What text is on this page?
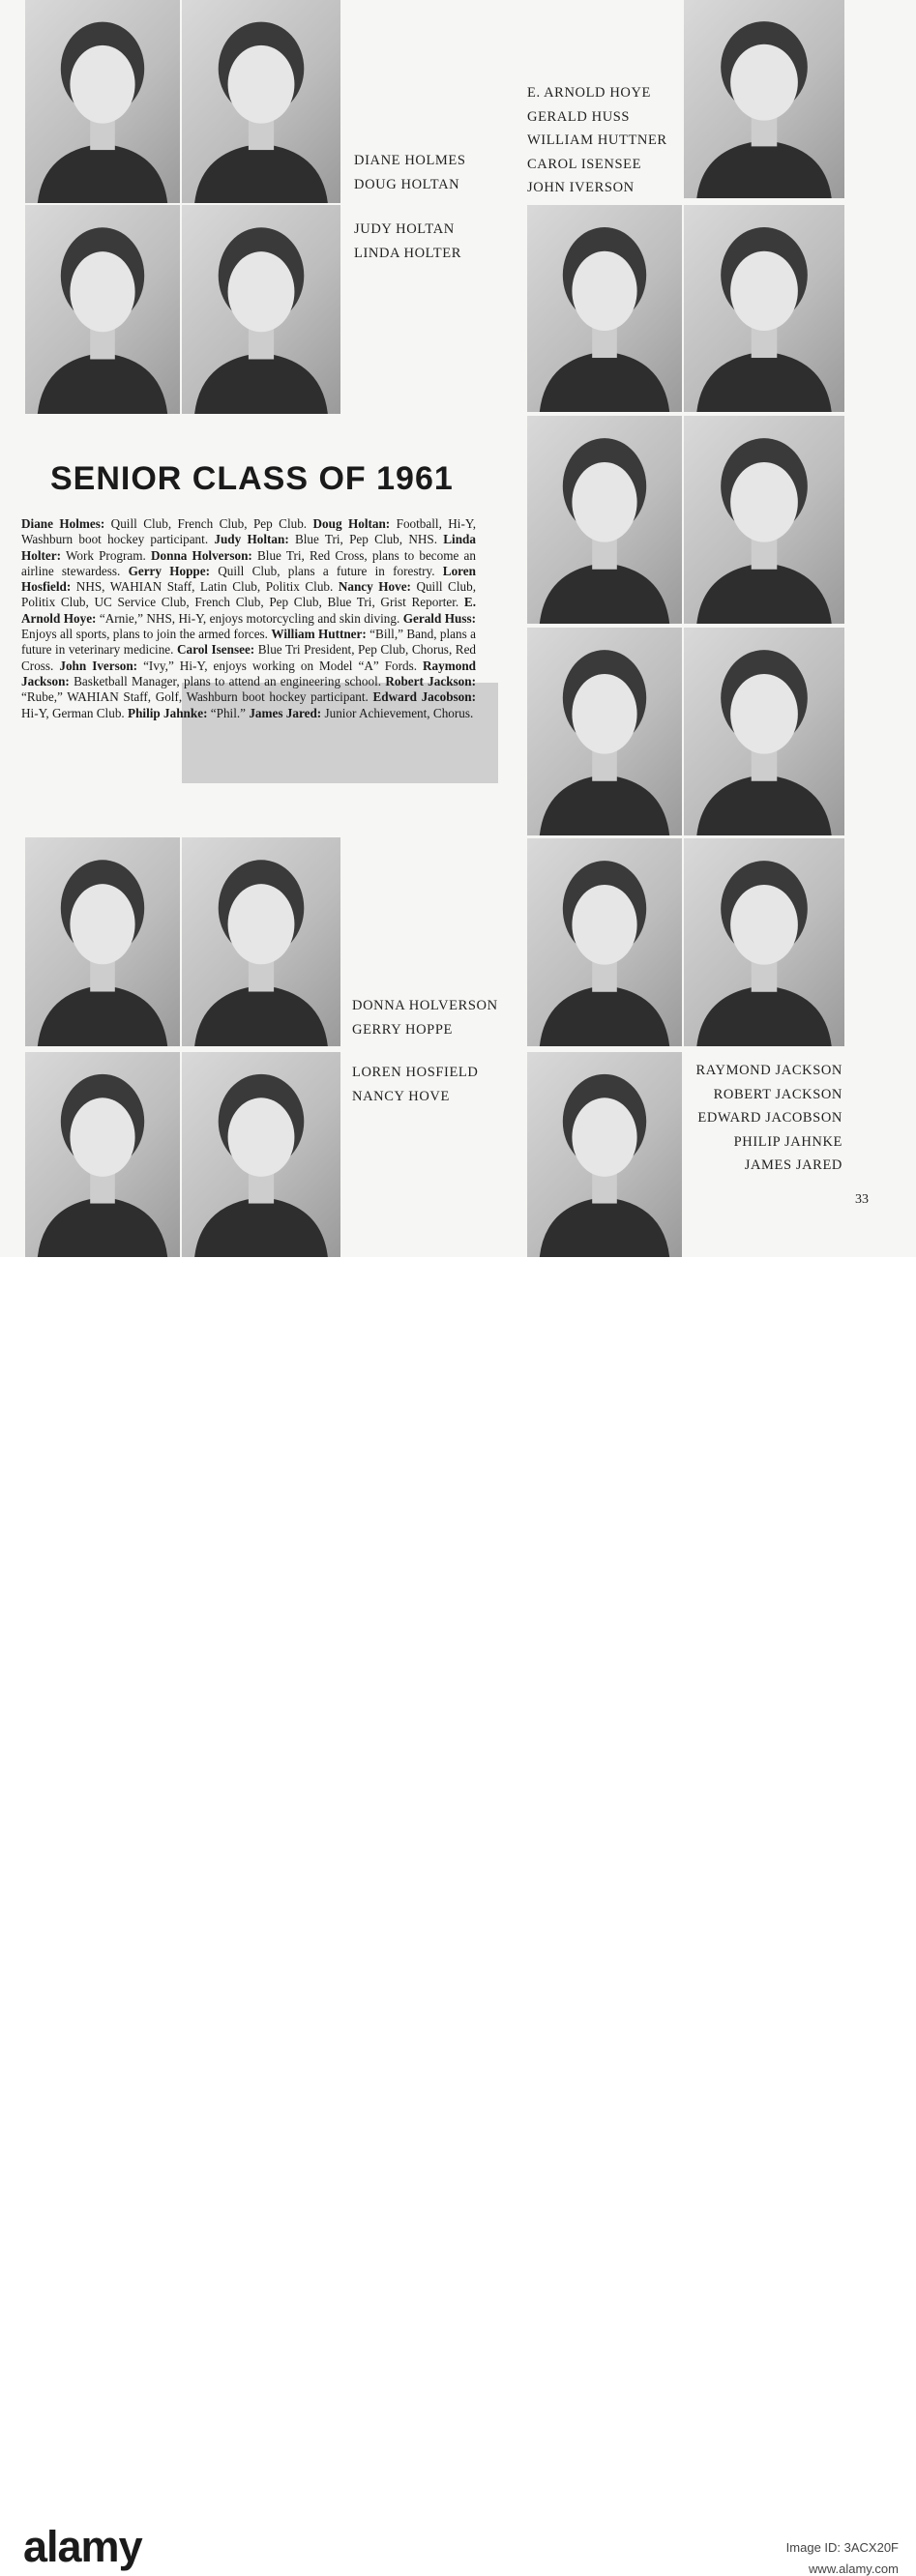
DIANE HOLMES
DOUG HOLTAN
JUDY HOLTAN
LINDA HOLTER
E. ARNOLD HOYE
GERALD HUSS
WILLIAM HUTTNER
CAROL ISENSEE
JOHN IVERSON
DONNA HOLVERSON
GERRY HOPPE
LOREN HOSFIELD
NANCY HOVE
RAYMOND JACKSON
ROBERT JACKSON
EDWARD JACOBSON
PHILIP JAHNKE
JAMES JARED
SENIOR CLASS OF 1961

Diane Holmes: Quill Club, French Club, Pep Club. Doug Holtan: Football, Hi-Y, Washburn boot hockey participant. Judy Holtan: Blue Tri, Pep Club, NHS. Linda Holter: Work Program. Donna Holverson: Blue Tri, Red Cross, plans to become an airline stewardess. Gerry Hoppe: Quill Club, plans a future in forestry. Loren Hosfield: NHS, WAHIAN Staff, Latin Club, Politix Club. Nancy Hove: Quill Club, Politix Club, UC Service Club, French Club, Pep Club, Blue Tri, Grist Reporter. E. Arnold Hoye: “Arnie,” NHS, Hi-Y, enjoys motorcycling and skin diving. Gerald Huss: Enjoys all sports, plans to join the armed forces. William Huttner: “Bill,” Band, plans a future in veterinary medicine. Carol Isensee: Blue Tri President, Pep Club, Chorus, Red Cross. John Iverson: “Ivy,” Hi-Y, enjoys working on Model “A” Fords. Raymond Jackson: Basketball Manager, plans to attend an engineering school. Robert Jackson: “Rube,” WAHIAN Staff, Golf, Washburn boot hockey participant. Edward Jacobson: Hi-Y, German Club. Philip Jahnke: “Phil.” James Jared: Junior Achievement, Chorus.

33
alamy	Image ID: 3ACX20F
www.alamy.com
